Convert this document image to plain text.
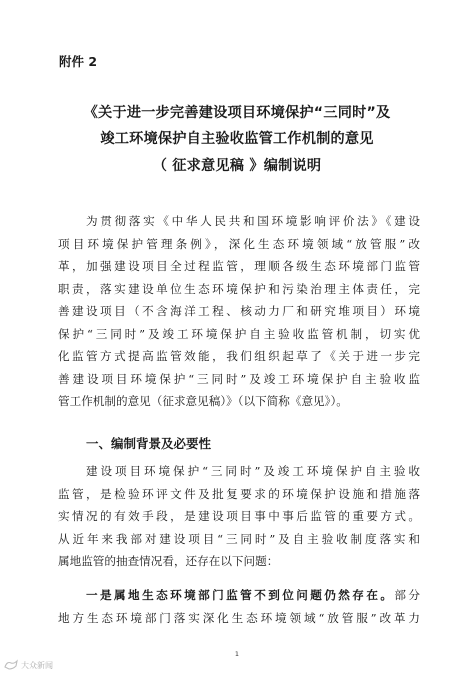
附件 2
《关于进一步完善建设项目环境保护“三同时”及
竣工环境保护自主验收监管工作机制的意见
（ 征求意见稿 》编制说明
为贯彻落实《中华人民共和国环境影响评价法》《建设
项目环境保护管理条例》，深化生态环境领域“放管服”改
革，加强建设项目全过程监管，理顺各级生态环境部门监管
职责，落实建设单位生态环境保护和污染治理主体责任，完
善建设项目（不含海洋工程、核动力厂和研究堆项目）环境
保护“三同时”及竣工环境保护自主验收监管机制，切实优
化监管方式提高监管效能，我们组织起草了《关于进一步完
善建设项目环境保护“三同时”及竣工环境保护自主验收监
管工作机制的意见（征求意见稿）》（以下简称《意见》）。
一、编制背景及必要性
建设项目环境保护“三同时”及竣工环境保护自主验收
监管，是检验环评文件及批复要求的环境保护设施和措施落
实情况的有效手段，是建设项目事中事后监管的重要方式。
从近年来我部对建设项目“三同时”及自主验收制度落实和
属地监管的抽查情况看，还存在以下问题：
一是属地生态环境部门监管不到位问题仍然存在。部分
地方生态环境部门落实深化生态环境领域“放管服”改革力
1
大众新闻
